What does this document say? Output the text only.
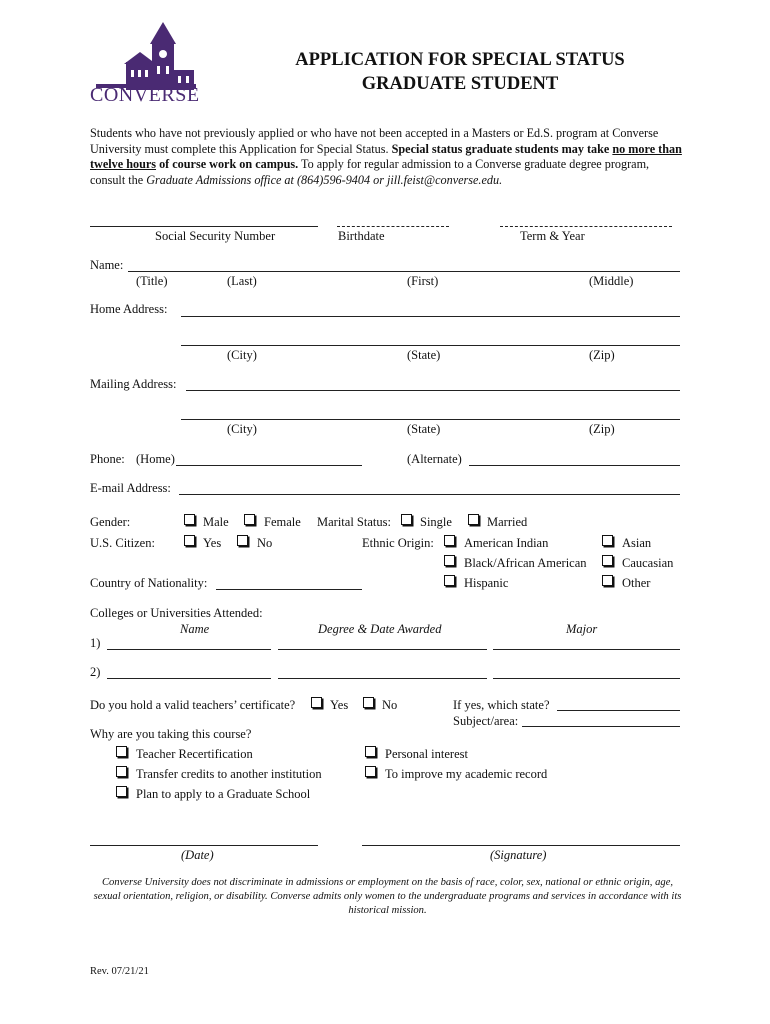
CONVERSE
APPLICATION FOR SPECIAL STATUS
GRADUATE STUDENT
Students who have not previously applied or who have not been accepted in a Masters or Ed.S. program at Converse University must complete this Application for Special Status. Special status graduate students may take no more than twelve hours of course work on campus. To apply for regular admission to a Converse graduate degree program, consult the Graduate Admissions office at (864)596-9404 or jill.feist@converse.edu.
Social Security Number	Birthdate	Term & Year
Name:
(Title)	(Last)	(First)	(Middle)
Home Address:
(City)	(State)	(Zip)
Mailing Address:
(City)	(State)	(Zip)
Phone: (Home)	(Alternate)
E-mail Address:
Gender:	Male	Female Marital Status: Single	Married
U.S. Citizen:	Yes	No	Ethnic Origin: American Indian	Asian
Black/African American	Caucasian
Hispanic	Other
Country of Nationality:
Colleges or Universities Attended:
Name	Degree & Date Awarded	Major
1)
2)
Do you hold a valid teachers’ certificate?	Yes	No	If yes, which state?
Subject/area:
Why are you taking this course?
Teacher Recertification	Personal interest
Transfer credits to another institution	To improve my academic record
Plan to apply to a Graduate School
(Date)	(Signature)
Converse University does not discriminate in admissions or employment on the basis of race, color, sex, national or ethnic origin, age, sexual orientation, religion, or disability. Converse admits only women to the undergraduate programs and services in accordance with its historical mission.
Rev. 07/21/21
